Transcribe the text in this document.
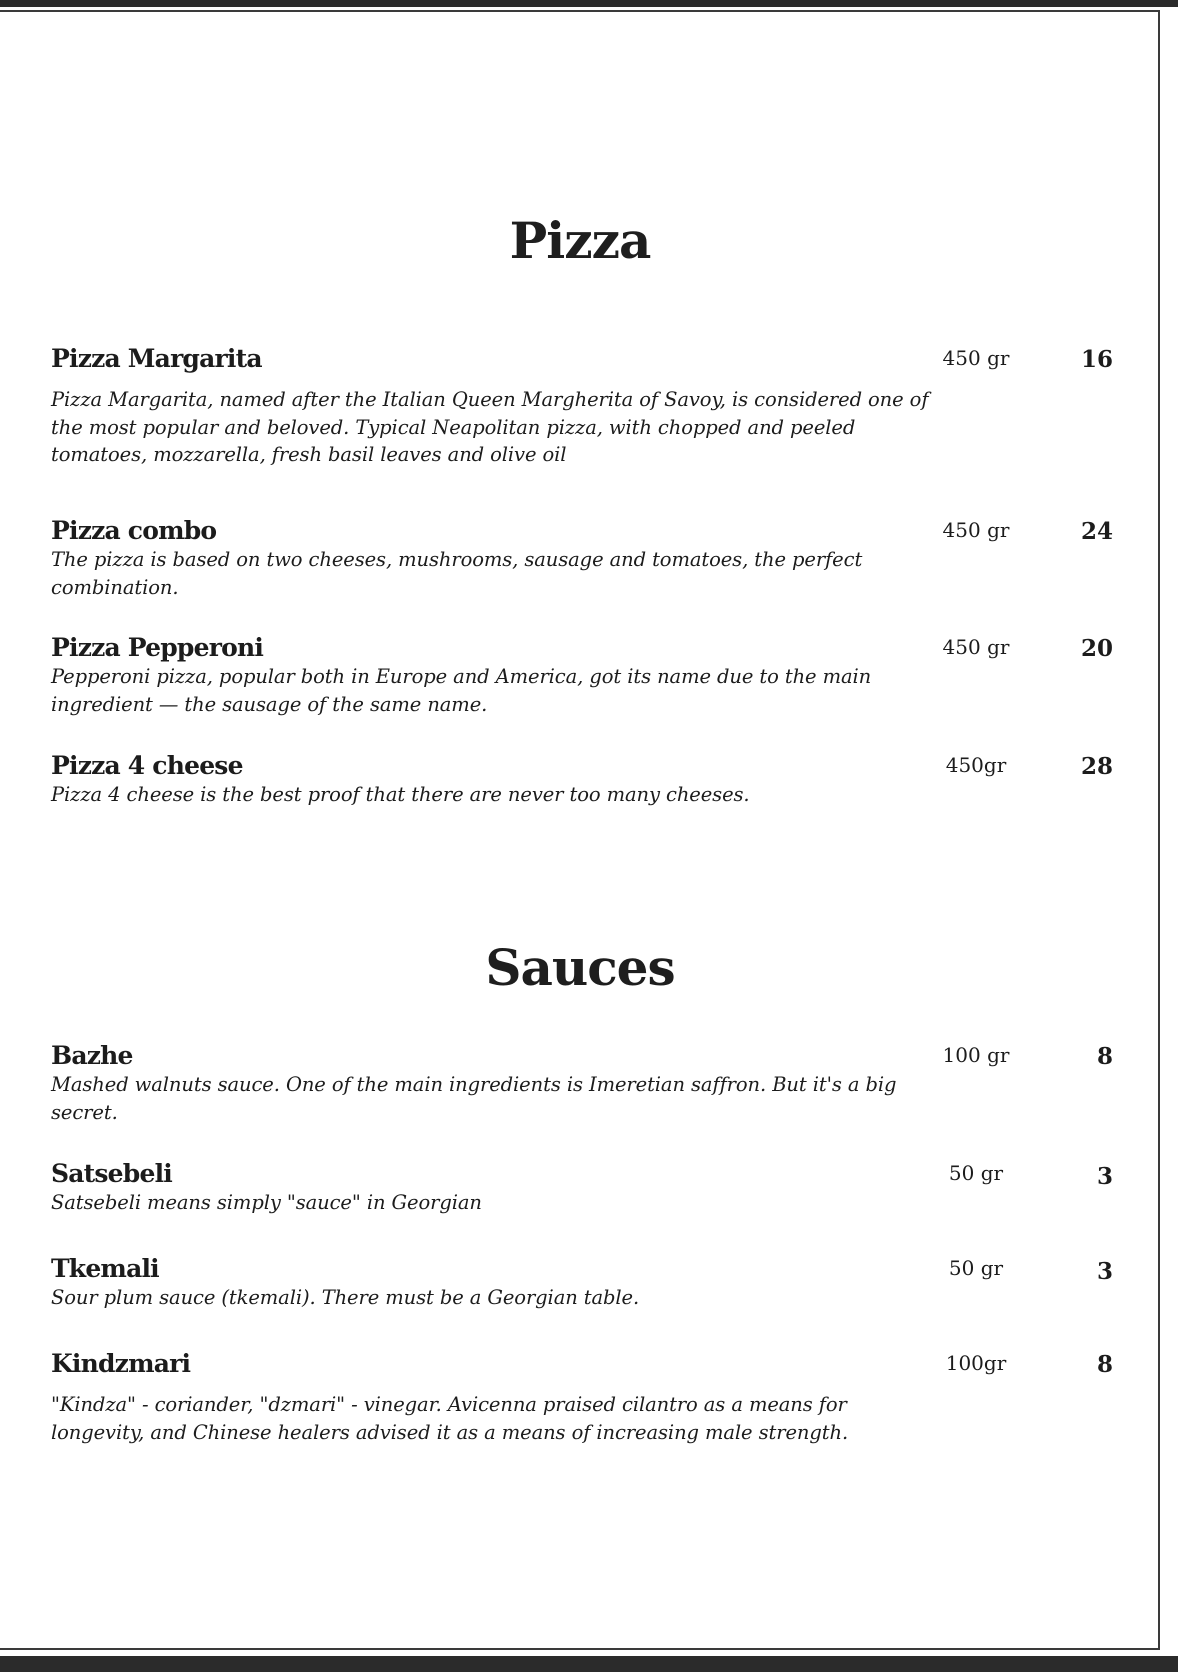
Pizza
Pizza Margarita	450 gr	16

Pizza Margarita, named after the Italian Queen Margherita of Savoy, is considered one of the most popular and beloved. Typical Neapolitan pizza, with chopped and peeled tomatoes, mozzarella, fresh basil leaves and olive oil

Pizza combo	450 gr	24

The pizza is based on two cheeses, mushrooms, sausage and tomatoes, the perfect combination.

Pizza Pepperoni	450 gr	20

Pepperoni pizza, popular both in Europe and America, got its name due to the main ingredient — the sausage of the same name.

Pizza 4 cheese	450gr	28

Pizza 4 cheese is the best proof that there are never too many cheeses.

Sauces
Bazhe	100 gr	8

Mashed walnuts sauce. One of the main ingredients is Imeretian saffron. But it's a big secret.

Satsebeli	50 gr	3

Satsebeli means simply "sauce" in Georgian

Tkemali	50 gr	3

Sour plum sauce (tkemali). There must be a Georgian table.

Kindzmari	100gr	8

"Kindza" - coriander, "dzmari" - vinegar. Avicenna praised cilantro as a means for longevity, and Chinese healers advised it as a means of increasing male strength.
